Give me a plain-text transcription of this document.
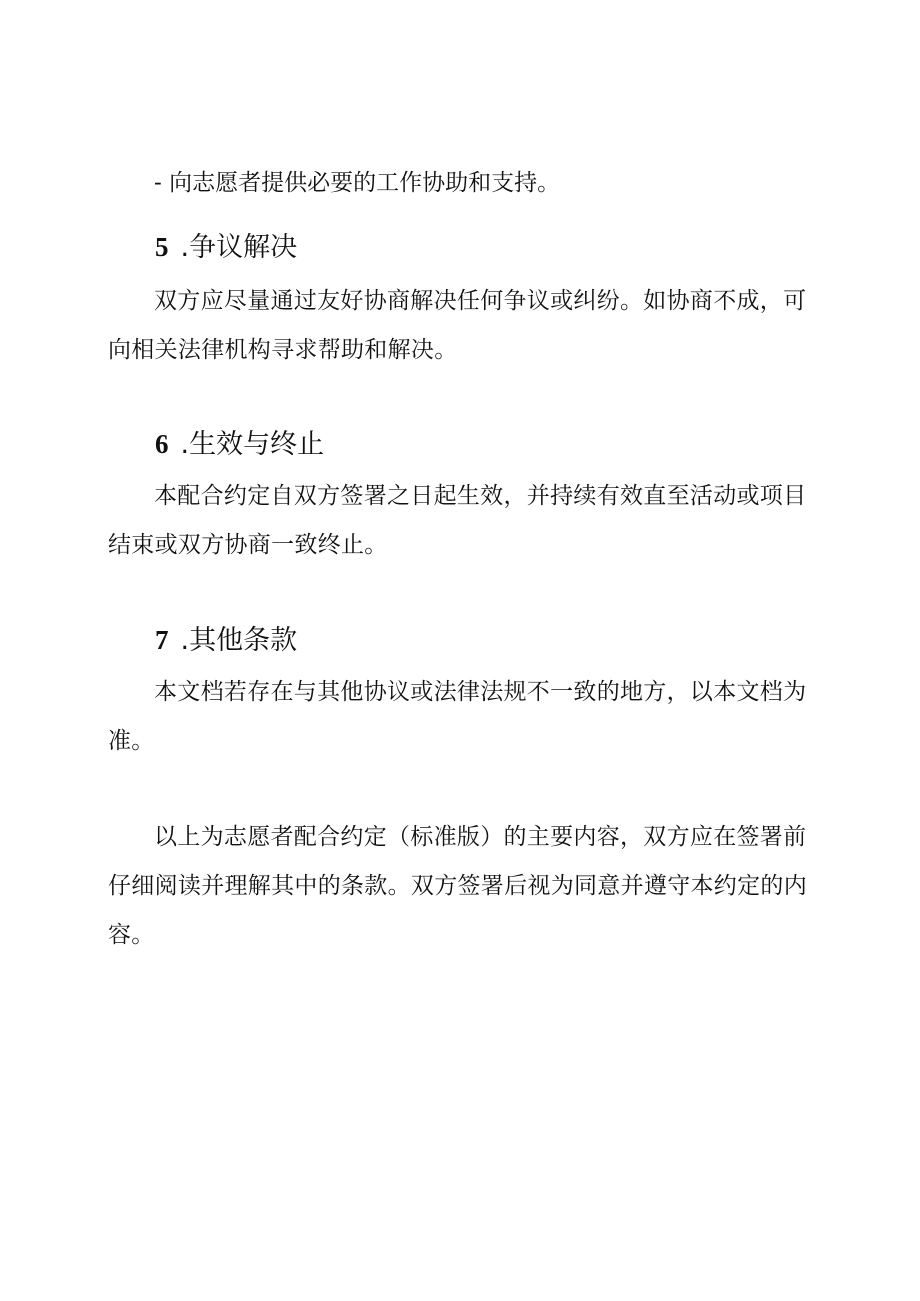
- 向志愿者提供必要的工作协助和支持。

5 .争议解决

双方应尽量通过友好协商解决任何争议或纠纷。如协商不成，可向相关法律机构寻求帮助和解决。

6 .生效与终止

本配合约定自双方签署之日起生效，并持续有效直至活动或项目结束或双方协商一致终止。

7 .其他条款

本文档若存在与其他协议或法律法规不一致的地方，以本文档为准。

以上为志愿者配合约定（标准版）的主要内容，双方应在签署前仔细阅读并理解其中的条款。双方签署后视为同意并遵守本约定的内容。
